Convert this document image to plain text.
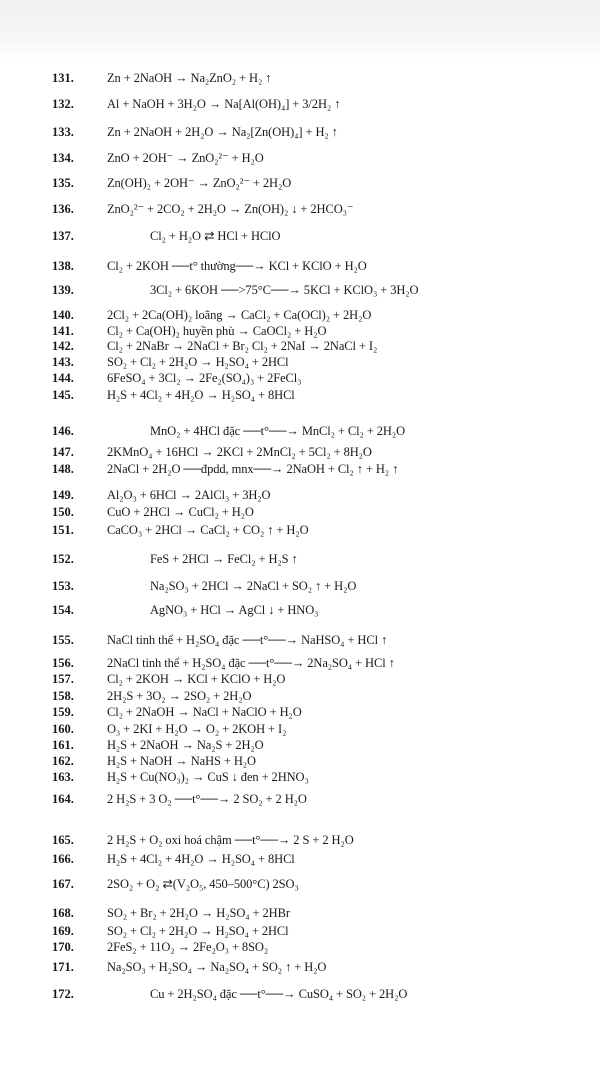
131.	Zn + 2NaOH → Na₂ZnO₂ + H₂ ↑
132.	Al + NaOH + 3H₂O → Na[Al(OH)₄] + 3/2H₂ ↑
133.	Zn + 2NaOH + 2H₂O → Na₂[Zn(OH)₄] + H₂ ↑
134.	ZnO + 2OH⁻ → ZnO₂²⁻ + H₂O
135.	Zn(OH)₂ + 2OH⁻ → ZnO₂²⁻ + 2H₂O
136.	ZnO₂²⁻ + 2CO₂ + 2H₂O → Zn(OH)₂ ↓ + 2HCO₃⁻
137.	Cl₂ + H₂O ⇄ HCl + HClO
138.	Cl₂ + 2KOH ──t° thường──→ KCl + KClO + H₂O
139.	3Cl₂ + 6KOH ──>75°C──→ 5KCl + KClO₃ + 3H₂O
140.	2Cl₂ + 2Ca(OH)₂ loãng → CaCl₂ + Ca(OCl)₂ + 2H₂O
141.	Cl₂ + Ca(OH)₂ huyền phù → CaOCl₂ + H₂O
142.	Cl₂ + 2NaBr → 2NaCl + Br₂ Cl₂ + 2NaI → 2NaCl + I₂
143.	SO₂ + Cl₂ + 2H₂O → H₂SO₄ + 2HCl
144.	6FeSO₄ + 3Cl₂ → 2Fe₂(SO₄)₃ + 2FeCl₃
145.	H₂S + 4Cl₂ + 4H₂O → H₂SO₄ + 8HCl
146.	MnO₂ + 4HCl đặc ──t°──→ MnCl₂ + Cl₂ + 2H₂O
147.	2KMnO₄ + 16HCl → 2KCl + 2MnCl₂ + 5Cl₂ + 8H₂O
148.	2NaCl + 2H₂O ──đpdd, mnx──→ 2NaOH + Cl₂ ↑ + H₂ ↑
149.	Al₂O₃ + 6HCl → 2AlCl₃ + 3H₂O
150.	CuO + 2HCl → CuCl₂ + H₂O
151.	CaCO₃ + 2HCl → CaCl₂ + CO₂ ↑ + H₂O
152.	FeS + 2HCl → FeCl₂ + H₂S ↑
153.	Na₂SO₃ + 2HCl → 2NaCl + SO₂ ↑ + H₂O
154.	AgNO₃ + HCl → AgCl ↓ + HNO₃
155.	NaCl tinh thể + H₂SO₄ đặc ──t°──→ NaHSO₄ + HCl ↑
156.	2NaCl tinh thể + H₂SO₄ đặc ──t°──→ 2Na₂SO₄ + HCl ↑
157.	Cl₂ + 2KOH → KCl + KClO + H₂O
158.	2H₂S + 3O₂ → 2SO₂ + 2H₂O
159.	Cl₂ + 2NaOH → NaCl + NaClO + H₂O
160.	O₃ + 2KI + H₂O → O₂ + 2KOH + I₂
161.	H₂S + 2NaOH → Na₂S + 2H₂O
162.	H₂S + NaOH → NaHS + H₂O
163.	H₂S + Cu(NO₃)₂ → CuS ↓ đen + 2HNO₃
164.	2 H₂S + 3 O₂ ──t°──→ 2 SO₂ + 2 H₂O
165.	2 H₂S + O₂ oxi hoá chậm ──t°──→ 2 S + 2 H₂O
166.	H₂S + 4Cl₂ + 4H₂O → H₂SO₄ + 8HCl
167.	2SO₂ + O₂ ⇄(V₂O₅, 450–500°C) 2SO₃
168.	SO₂ + Br₂ + 2H₂O → H₂SO₄ + 2HBr
169.	SO₂ + Cl₂ + 2H₂O → H₂SO₄ + 2HCl
170.	2FeS₂ + 11O₂ → 2Fe₂O₃ + 8SO₂
171.	Na₂SO₃ + H₂SO₄ → Na₂SO₄ + SO₂ ↑ + H₂O
172.	Cu + 2H₂SO₄ đặc ──t°──→ CuSO₄ + SO₂ + 2H₂O
